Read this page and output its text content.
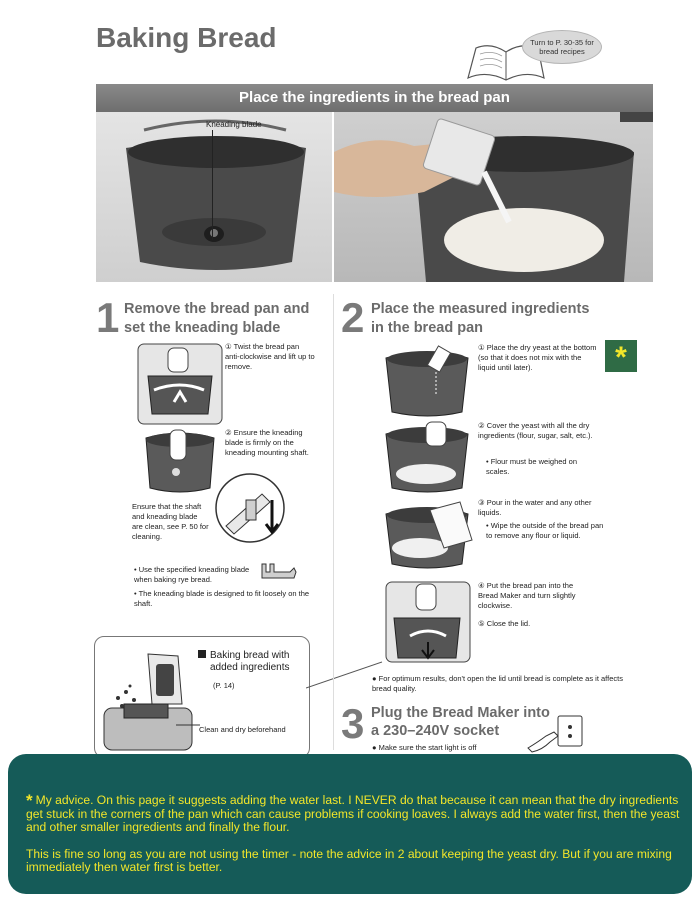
Baking Bread	Turn to P. 30-35 for bread recipes
Place the ingredients in the bread pan
Kneading blade
1 Remove the bread pan and
set the kneading blade
① Twist the bread pan anti-clockwise and lift up to remove.
② Ensure the kneading blade is firmly on the kneading mounting shaft.
Ensure that the shaft and kneading blade are clean, see P. 50 for cleaning.
• Use the specified kneading blade when baking rye bread.
• The kneading blade is designed to fit loosely on the shaft.
Baking bread with
added ingredients
(P. 14)
Clean and dry beforehand
2 Place the measured ingredients
in the bread pan
① Place the dry yeast at the bottom (so that it does not mix with the liquid until later).	*
② Cover the yeast with all the dry ingredients (flour, sugar, salt, etc.).
• Flour must be weighed on scales.
③ Pour in the water and any other liquids.
• Wipe the outside of the bread pan to remove any flour or liquid.
④ Put the bread pan into the Bread Maker and turn slightly clockwise.
⑤ Close the lid.
● For optimum results, don't open the lid until bread is complete as it affects bread quality.
3 Plug the Bread Maker into
a 230–240V socket
● Make sure the start light is off

* My advice. On this page it suggests adding the water last. I NEVER do that because it can mean that the dry ingredients get stuck in the corners of the pan which can cause problems if cooking loaves. I always add the water first, then the yeast and other smaller ingredients and finally the flour.

This is fine so long as you are not using the timer - note the advice in 2 about keeping the yeast dry. But if you are mixing immediately then water first is better.
